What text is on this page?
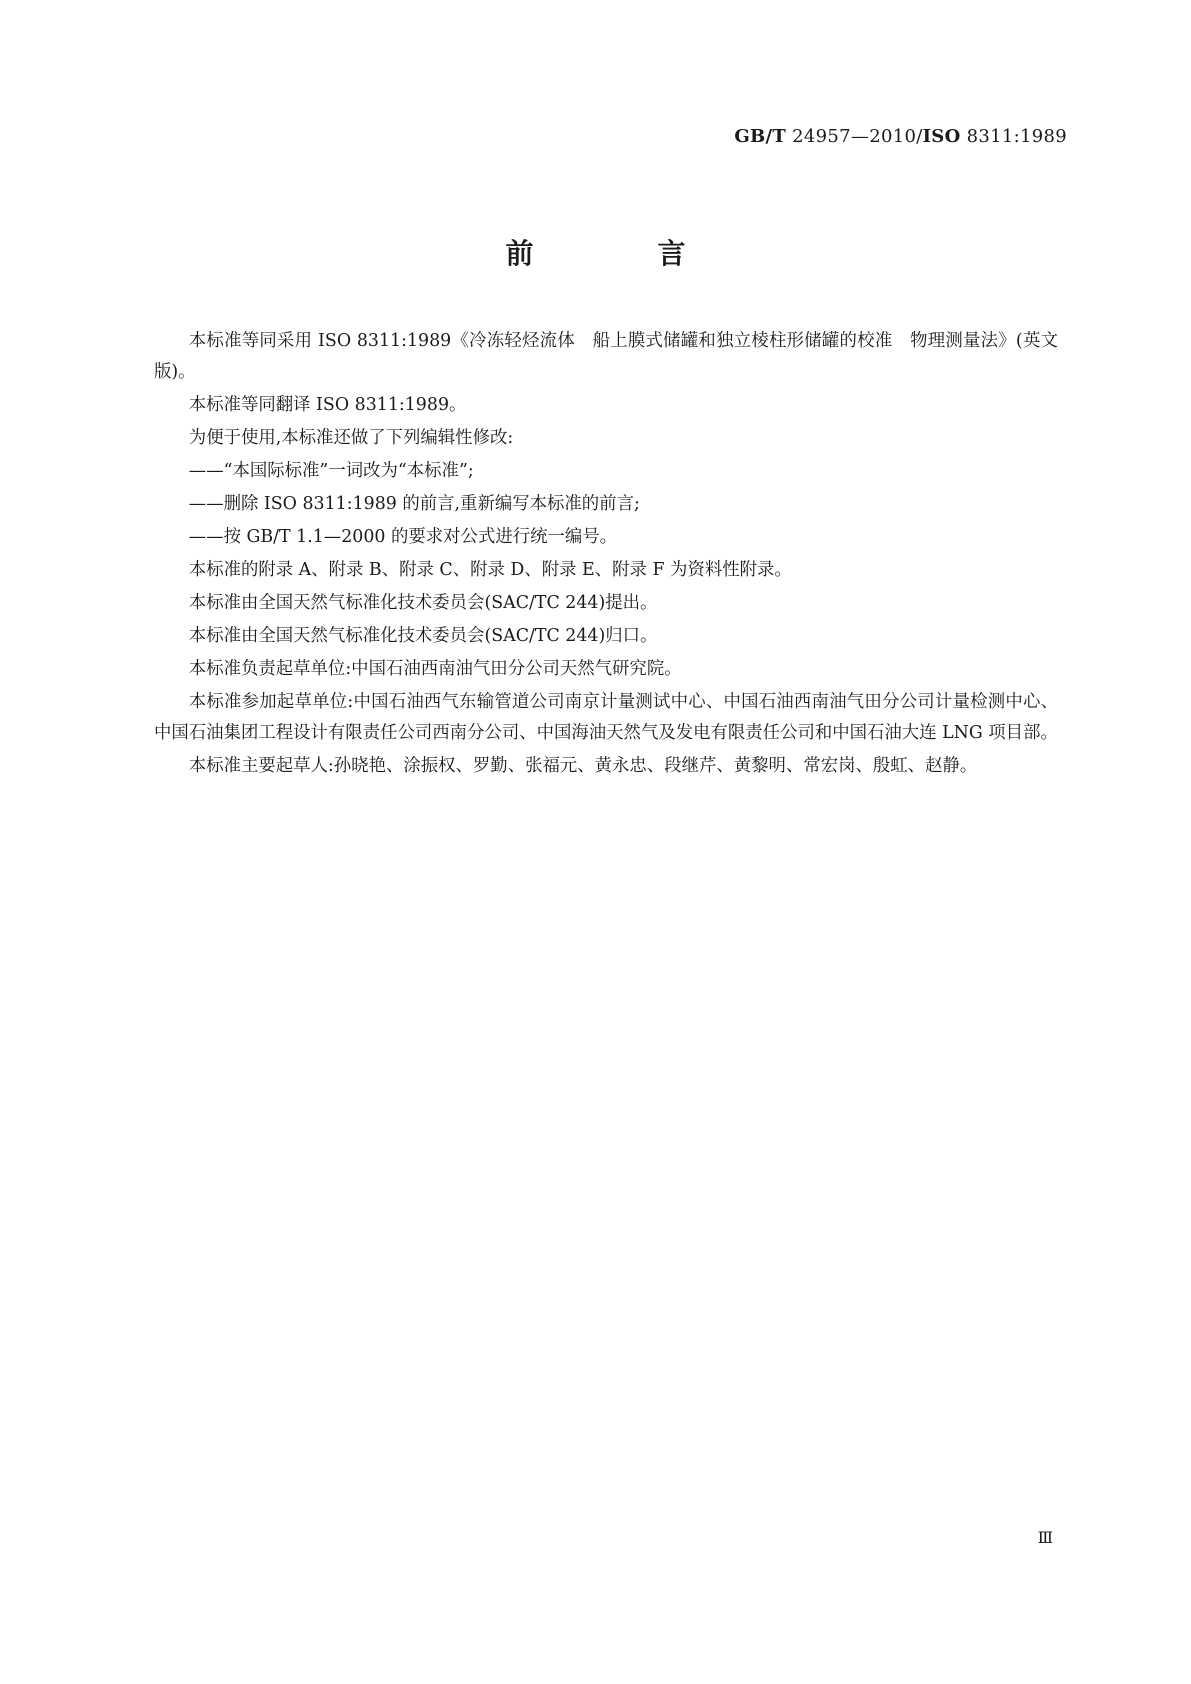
GB/T 24957—2010/ISO 8311:1989
前　言

本标准等同采用 ISO 8311:1989《冷冻轻烃流体　船上膜式储罐和独立棱柱形储罐的校准　物理测量法》(英文版)。

本标准等同翻译 ISO 8311:1989。

为便于使用,本标准还做了下列编辑性修改:

——“本国际标准”一词改为“本标准”;

——删除 ISO 8311:1989 的前言,重新编写本标准的前言;

——按 GB/T 1.1—2000 的要求对公式进行统一编号。

本标准的附录 A、附录 B、附录 C、附录 D、附录 E、附录 F 为资料性附录。

本标准由全国天然气标准化技术委员会(SAC/TC 244)提出。

本标准由全国天然气标准化技术委员会(SAC/TC 244)归口。

本标准负责起草单位:中国石油西南油气田分公司天然气研究院。

本标准参加起草单位:中国石油西气东输管道公司南京计量测试中心、中国石油西南油气田分公司计量检测中心、中国石油集团工程设计有限责任公司西南分公司、中国海油天然气及发电有限责任公司和中国石油大连 LNG 项目部。

本标准主要起草人:孙晓艳、涂振权、罗勤、张福元、黄永忠、段继芹、黄黎明、常宏岗、殷虹、赵静。

Ⅲ
